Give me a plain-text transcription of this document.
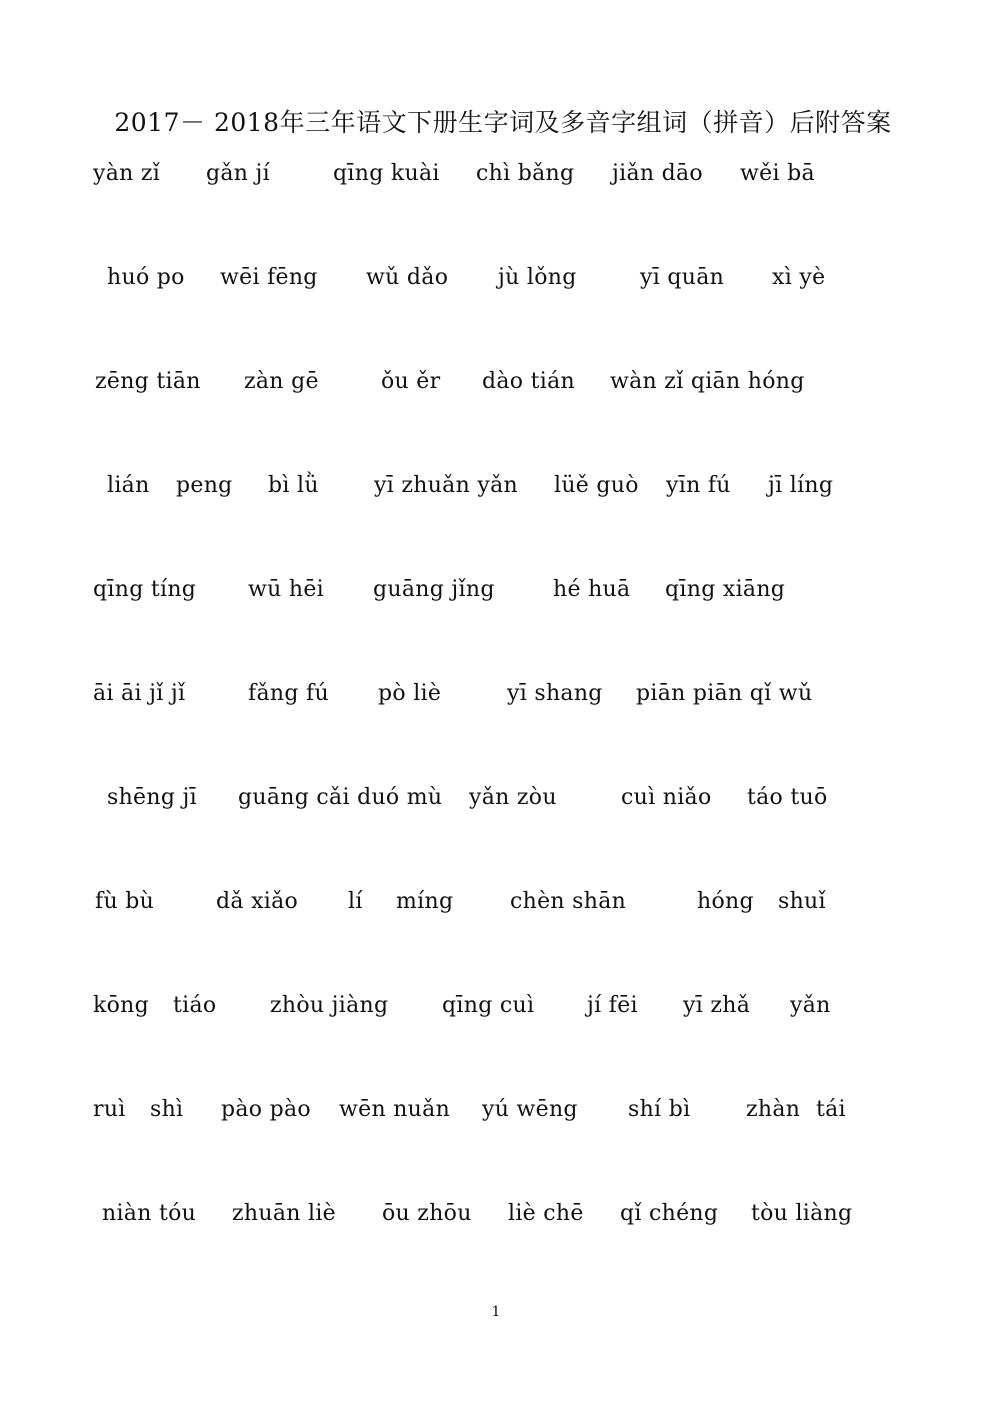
2017－ 2018年三年语文下册生字词及多音字组词（拼音）后附答案
yàn zǐ gǎn jí	qīng kuài chì bǎng jiǎn dāo wěi bā
huó po wēi fēng wǔ dǎo jù lǒng	yī quān xì yè
zēng tiān zàn gē	ǒu ěr dào tián wàn zǐ qiān hóng
lián peng bì lǜ	yī zhuǎn yǎn lüě guò yīn fú jī líng
qīng tíng wū hēi guāng jǐng	hé huā qīng xiāng
āi āi jǐ jǐ	fǎng fú pò liè	yī shang piān piān qǐ wǔ
shēng jī guāng cǎi duó mù yǎn zòu	cuì niǎo táo tuō
fù bù	dǎ xiǎo lí míng	chèn shān	hóng shuǐ
kōng tiáo zhòu jiàng qīng cuì jí fēi yī zhǎ yǎn
ruì shì pào pào wēn nuǎn yú wēng shí bì	zhàn tái
niàn tóu zhuān liè ōu zhōu liè chē qǐ chéng tòu liàng
1
